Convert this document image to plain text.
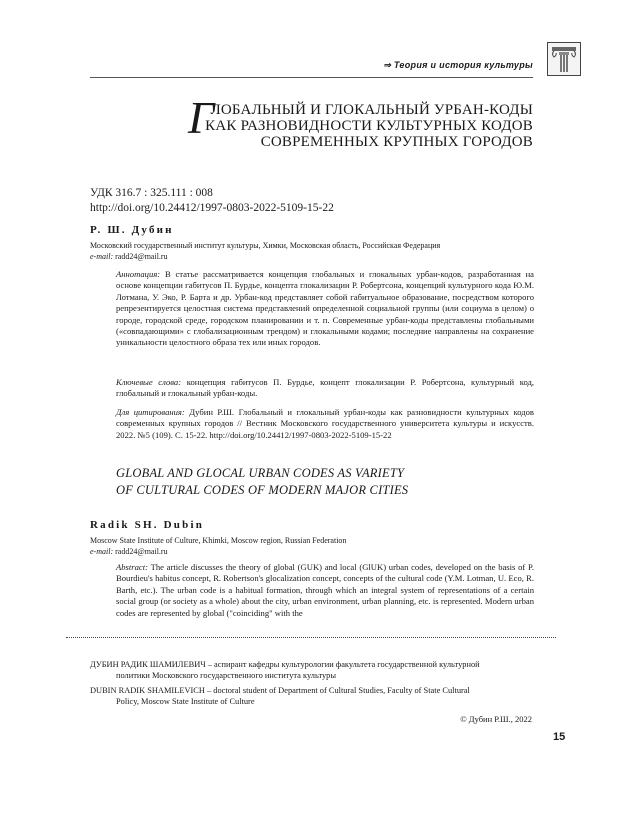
⇒ Теория и история культуры
Г
ЛОБАЛЬНЫЙ И ГЛОКАЛЬНЫЙ УРБАН-КОДЫ
КАК РАЗНОВИДНОСТИ КУЛЬТУРНЫХ КОДОВ
СОВРЕМЕННЫХ КРУПНЫХ ГОРОДОВ
УДК 316.7 : 325.111 : 008
http://doi.org/10.24412/1997-0803-2022-5109-15-22
Р. Ш. Дубин
Московский государственный институт культуры, Химки, Московская область, Российская Федерация
e-mail: radd24@mail.ru
Аннотация: В статье рассматривается концепция глобальных и глокальных урбан-кодов, разработанная на основе концепции габитусов П. Бурдье, концепта глокализации Р. Робертсона, концепций культурного кода Ю.М. Лотмана, У. Эко, Р. Барта и др. Урбан-код представляет собой габитуальное образование, посредством которого репрезентируется целостная система представлений определенной социальной группы (или социума в целом) о городе, городской среде, городском планировании и т. п. Современные урбан-коды представлены глобальными («совпадающими» с глобализационным трендом) и глокальными кодами; последние направлены на сохранение уникальности целостного образа тех или иных городов.
Ключевые слова: концепция габитусов П. Бурдье, концепт глокализации Р. Робертсона, культурный код, глобальный и глокальный урбан-коды.
Для цитирования: Дубин Р.Ш. Глобальный и глокальный урбан-коды как разновидности культурных кодов современных крупных городов // Вестник Московского государственного университета культуры и искусств. 2022. №5 (109). С. 15-22. http://doi.org/10.24412/1997-0803-2022-5109-15-22
GLOBAL AND GLOCAL URBAN CODES AS VARIETY
OF CULTURAL CODES OF MODERN MAJOR CITIES
Radik SH. Dubin
Moscow State Institute of Culture, Khimki, Moscow region, Russian Federation
e-mail: radd24@mail.ru
Abstract: The article discusses the theory of global (GUK) and local (GlUK) urban codes, developed on the basis of P. Bourdieu's habitus concept, R. Robertson's glocalization concept, concepts of the cultural code (Y.M. Lotman, U. Eco, R. Barth, etc.). The urban code is a habitual formation, through which an integral system of representations of a certain social group (or society as a whole) about the city, urban environment, urban planning, etc. is represented. Modern urban codes are represented by global ("coinciding" with the
ДУБИН РАДИК ШАМИЛЕВИЧ – аспирант кафедры культурологии факультета государственной культурной
политики Московского государственного института культуры
DUBIN RADIK SHAMILEVICH – doctoral student of Department of Cultural Studies, Faculty of State Cultural
Policy, Moscow State Institute of Culture
© Дубин Р.Ш., 2022
15
